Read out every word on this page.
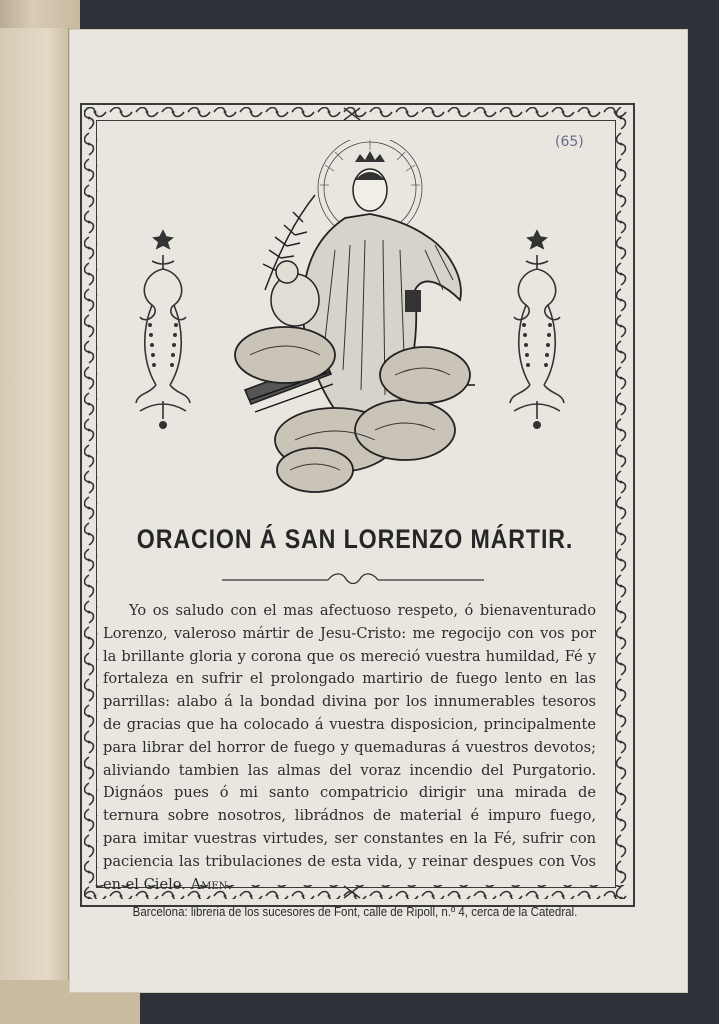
(65)
ORACION Á SAN LORENZO MÁRTIR.
Yo os saludo con el mas afectuoso respeto, ó bienaventurado Lorenzo, valeroso mártir de Jesu-Cristo: me regocijo con vos por la brillante gloria y corona que os mereció vuestra humildad, Fé y fortaleza en sufrir el prolongado martirio de fuego lento en las parrillas: alabo á la bondad divina por los innumerables tesoros de gracias que ha colocado á vuestra disposicion, principalmente para librar del horror de fuego y quemaduras á vuestros devotos; aliviando tambien las almas del voraz incendio del Purgatorio. Dignáos pues ó mi santo compatricio dirigir una mirada de ternura sobre nosotros, librádnos de material é impuro fuego, para imitar vuestras virtudes, ser constantes en la Fé, sufrir con paciencia las tribulaciones de esta vida, y reinar despues con Vos en el Cielo. Amen.
Barcelona: libreria de los sucesores de Font, calle de Ripoll, n.º 4, cerca de la Catedral.
